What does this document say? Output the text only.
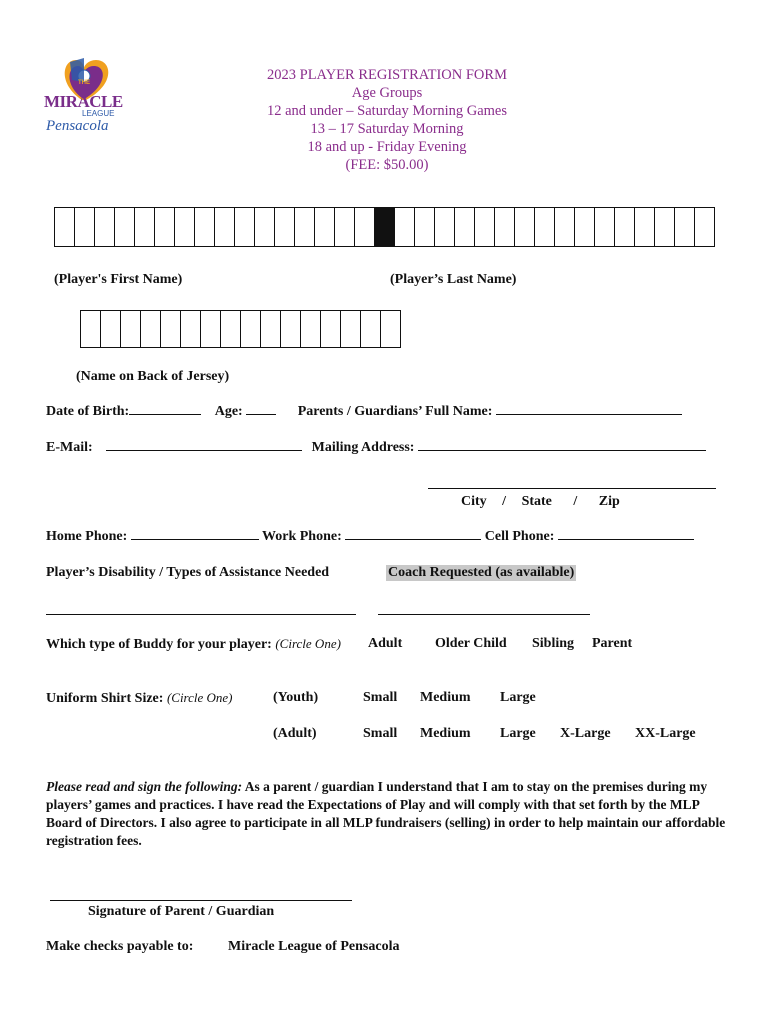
THE
MIRACLE
LEAGUE
Pensacola
2023 PLAYER REGISTRATION FORM
Age Groups
12 and under – Saturday Morning Games
13 – 17 Saturday Morning
18 and up - Friday Evening
(FEE: $50.00)
(Player's First Name)	(Player’s Last Name)
(Name on Back of Jersey)
Date of Birth:	Age:	Parents / Guardians’ Full Name:
E-Mail:	Mailing Address:
City / State / Zip
Home Phone:	Work Phone:	Cell Phone:
Player’s Disability / Types of Assistance Needed	Coach Requested (as available)
Which type of Buddy for your player: (Circle One) Adult Older Child Sibling Parent
Uniform Shirt Size: (Circle One)	(Youth)	Small Medium Large
(Adult)	Small Medium Large X-Large XX-Large
Please read and sign the following: As a parent / guardian I understand that I am to stay on the premises during my players’ games and practices. I have read the Expectations of Play and will comply with that set forth by the MLP Board of Directors. I also agree to participate in all MLP fundraisers (selling) in order to help maintain our affordable registration fees.
Signature of Parent / Guardian
Make checks payable to: Miracle League of Pensacola
